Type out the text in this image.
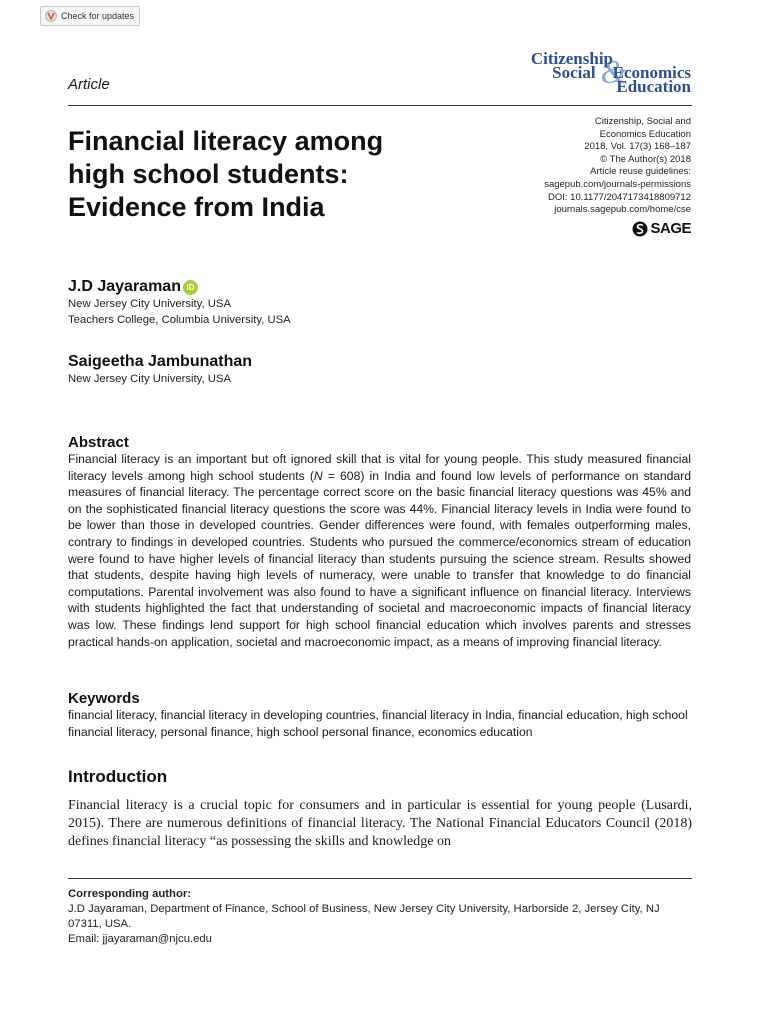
Check for updates
&
Citizenship
Social Economics
Education
Article
Financial literacy among
high school students:
Evidence from India
Citizenship, Social and
Economics Education
2018, Vol. 17(3) 168–187
© The Author(s) 2018
Article reuse guidelines:
sagepub.com/journals-permissions
DOI: 10.1177/2047173418809712
journals.sagepub.com/home/cse
SAGE
J.D Jayaraman iD
New Jersey City University, USA
Teachers College, Columbia University, USA
Saigeetha Jambunathan
New Jersey City University, USA
Abstract
Financial literacy is an important but oft ignored skill that is vital for young people. This study measured financial literacy levels among high school students (N = 608) in India and found low levels of performance on standard measures of financial literacy. The percentage correct score on the basic financial literacy questions was 45% and on the sophisticated financial literacy questions the score was 44%. Financial literacy levels in India were found to be lower than those in developed countries. Gender differences were found, with females outperforming males, contrary to findings in developed countries. Students who pursued the commerce/economics stream of education were found to have higher levels of financial literacy than students pursuing the science stream. Results showed that students, despite having high levels of numeracy, were unable to transfer that knowledge to do financial computations. Parental involvement was also found to have a significant influence on financial literacy. Interviews with students highlighted the fact that understanding of societal and macroeconomic impacts of financial literacy was low. These findings lend support for high school financial education which involves parents and stresses practical hands-on application, societal and macroeconomic impact, as a means of improving financial literacy.
Keywords
financial literacy, financial literacy in developing countries, financial literacy in India, financial education, high school financial literacy, personal finance, high school personal finance, economics education
Introduction
Financial literacy is a crucial topic for consumers and in particular is essential for young people (Lusardi, 2015). There are numerous definitions of financial literacy. The National Financial Educators Council (2018) defines financial literacy “as possessing the skills and knowledge on
Corresponding author:
J.D Jayaraman, Department of Finance, School of Business, New Jersey City University, Harborside 2, Jersey City, NJ
07311, USA.
Email: jjayaraman@njcu.edu
